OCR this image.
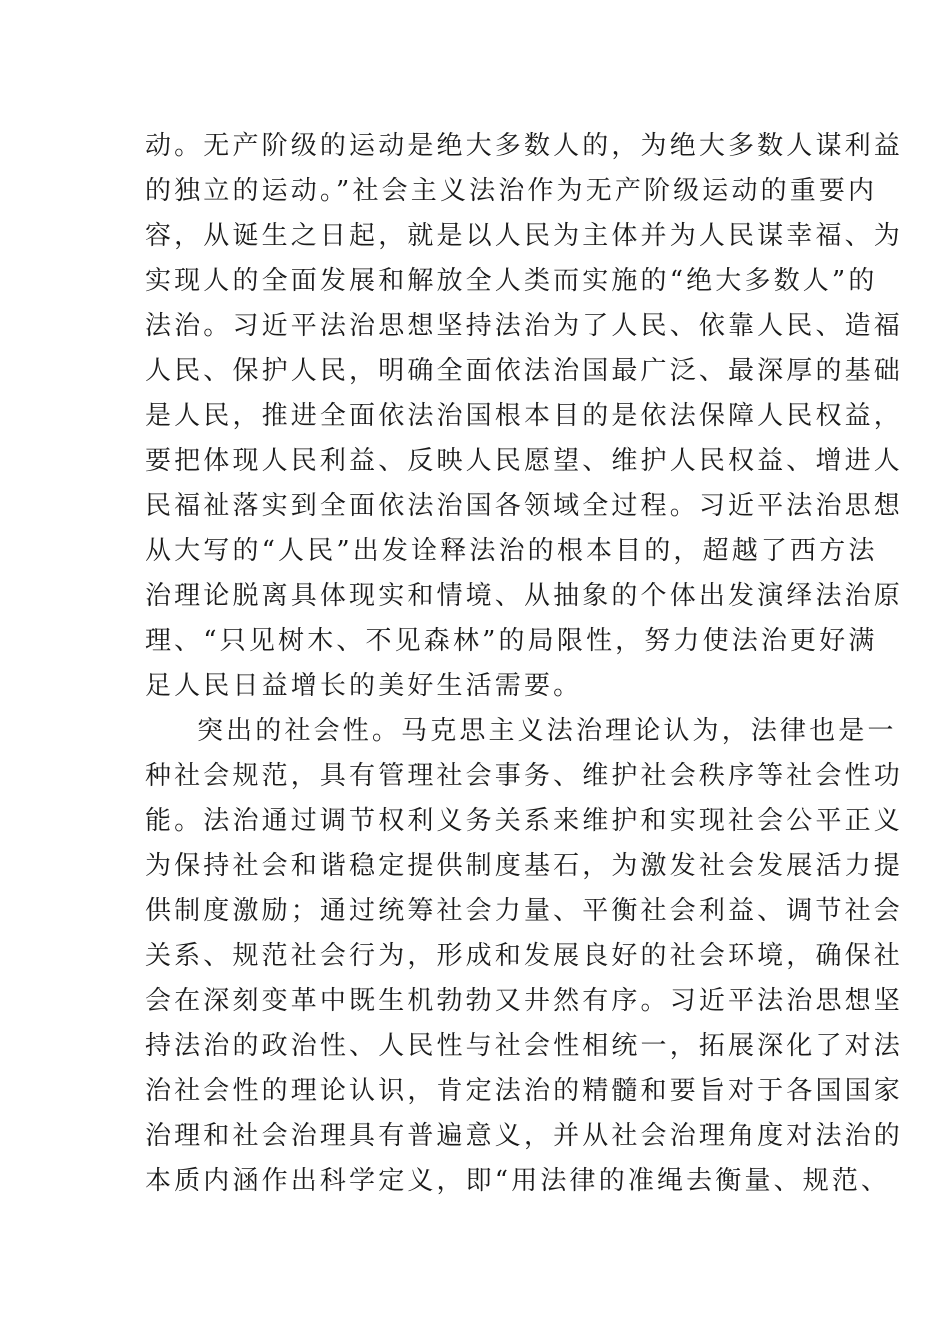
动。无产阶级的运动是绝大多数人的，为绝大多数人谋利益
的独立的运动。”社会主义法治作为无产阶级运动的重要内
容，从诞生之日起，就是以人民为主体并为人民谋幸福、为
实现人的全面发展和解放全人类而实施的“绝大多数人”的
法治。习近平法治思想坚持法治为了人民、依靠人民、造福
人民、保护人民，明确全面依法治国最广泛、最深厚的基础
是人民，推进全面依法治国根本目的是依法保障人民权益，
要把体现人民利益、反映人民愿望、维护人民权益、增进人
民福祉落实到全面依法治国各领域全过程。习近平法治思想
从大写的“人民”出发诠释法治的根本目的，超越了西方法
治理论脱离具体现实和情境、从抽象的个体出发演绎法治原
理、“只见树木、不见森林”的局限性，努力使法治更好满
足人民日益增长的美好生活需要。
突出的社会性。马克思主义法治理论认为，法律也是一
种社会规范，具有管理社会事务、维护社会秩序等社会性功
能。法治通过调节权利义务关系来维护和实现社会公平正义
为保持社会和谐稳定提供制度基石，为激发社会发展活力提
供制度激励；通过统筹社会力量、平衡社会利益、调节社会
关系、规范社会行为，形成和发展良好的社会环境，确保社
会在深刻变革中既生机勃勃又井然有序。习近平法治思想坚
持法治的政治性、人民性与社会性相统一，拓展深化了对法
治社会性的理论认识，肯定法治的精髓和要旨对于各国国家
治理和社会治理具有普遍意义，并从社会治理角度对法治的
本质内涵作出科学定义，即“用法律的准绳去衡量、规范、
